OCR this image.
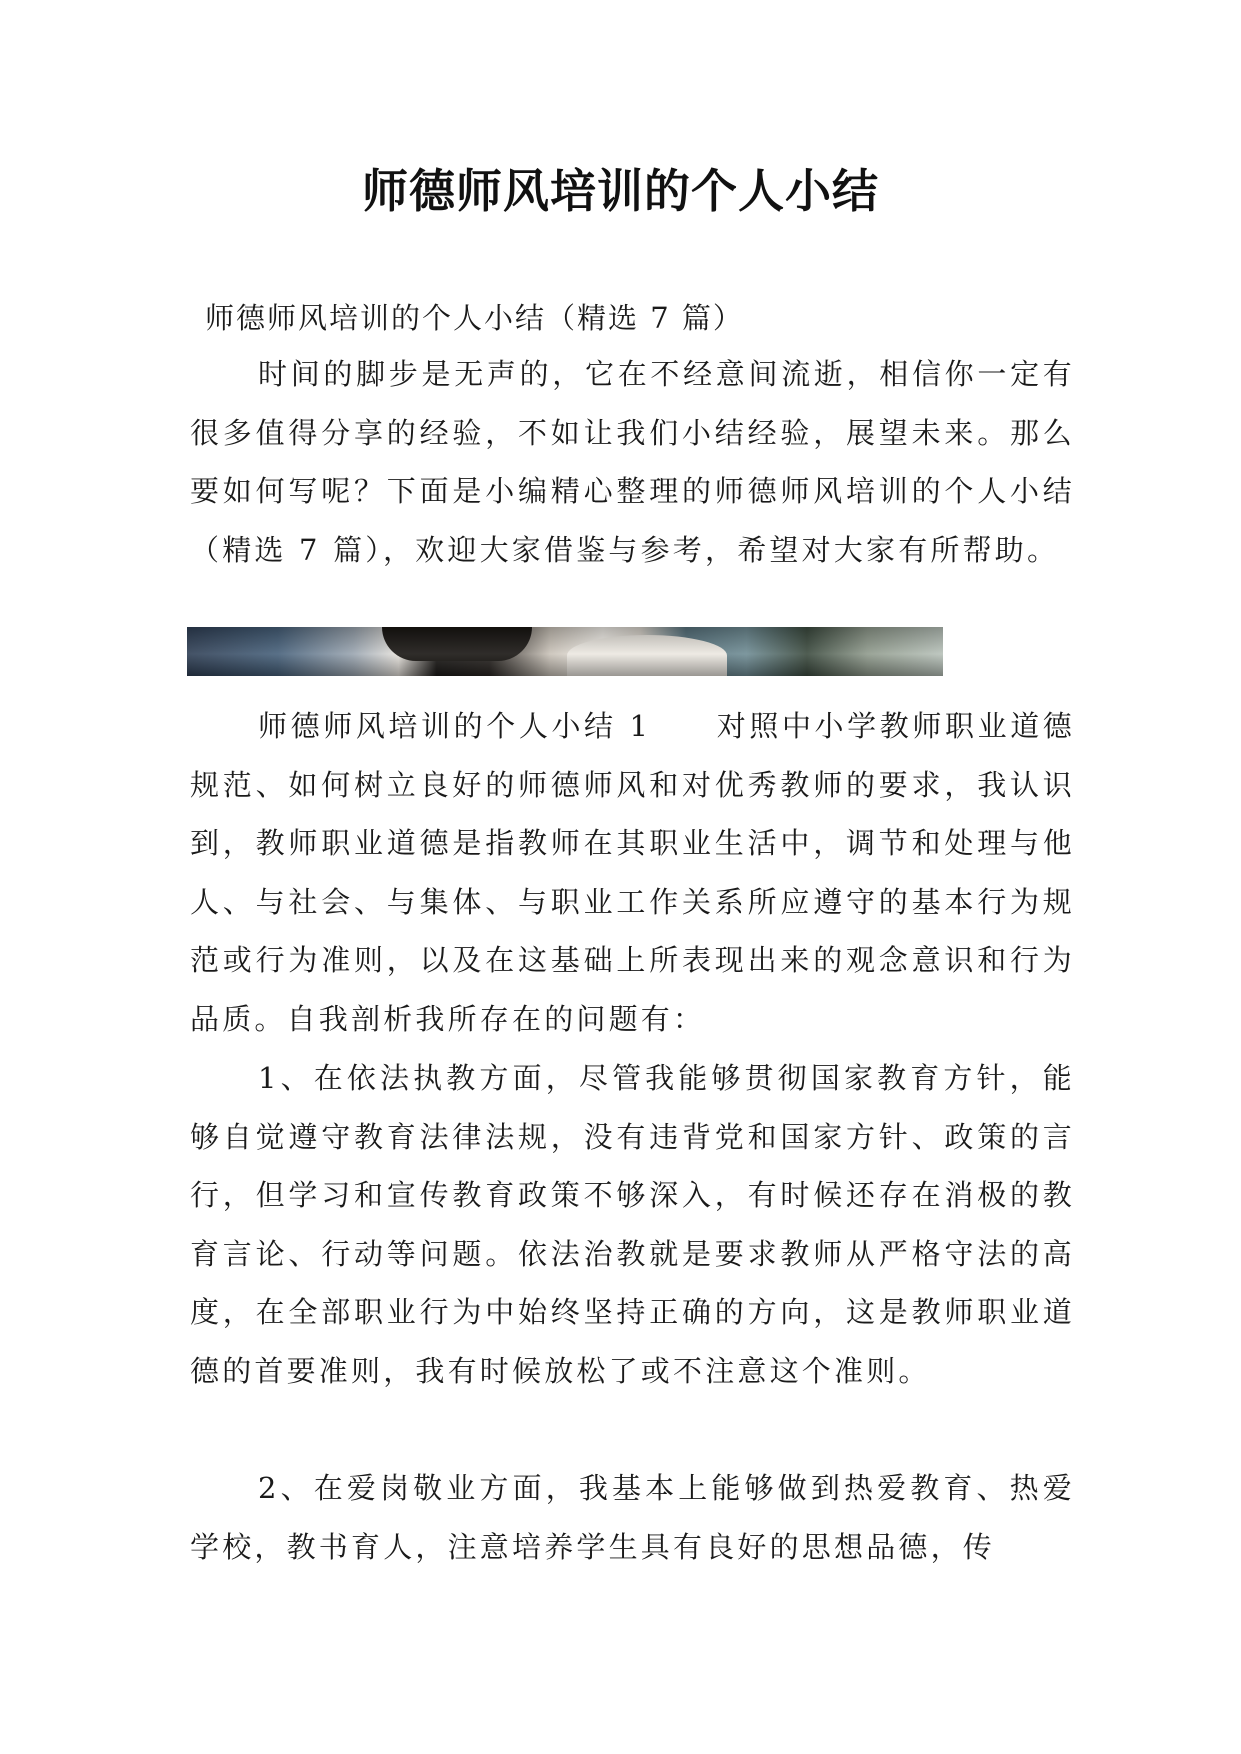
师德师风培训的个人小结

师德师风培训的个人小结（精选 7 篇）

时间的脚步是无声的，它在不经意间流逝，相信你一定有很多值得分享的经验，不如让我们小结经验，展望未来。那么要如何写呢？下面是小编精心整理的师德师风培训的个人小结（精选 7 篇），欢迎大家借鉴与参考，希望对大家有所帮助。

师德师风培训的个人小结 1　　对照中小学教师职业道德规范、如何树立良好的师德师风和对优秀教师的要求，我认识到，教师职业道德是指教师在其职业生活中，调节和处理与他人、与社会、与集体、与职业工作关系所应遵守的基本行为规范或行为准则，以及在这基础上所表现出来的观念意识和行为品质。自我剖析我所存在的问题有：

1、在依法执教方面，尽管我能够贯彻国家教育方针，能够自觉遵守教育法律法规，没有违背党和国家方针、政策的言行，但学习和宣传教育政策不够深入，有时候还存在消极的教育言论、行动等问题。依法治教就是要求教师从严格守法的高度，在全部职业行为中始终坚持正确的方向，这是教师职业道德的首要准则，我有时候放松了或不注意这个准则。

2、在爱岗敬业方面，我基本上能够做到热爱教育、热爱学校，教书育人，注意培养学生具有良好的思想品德，传
